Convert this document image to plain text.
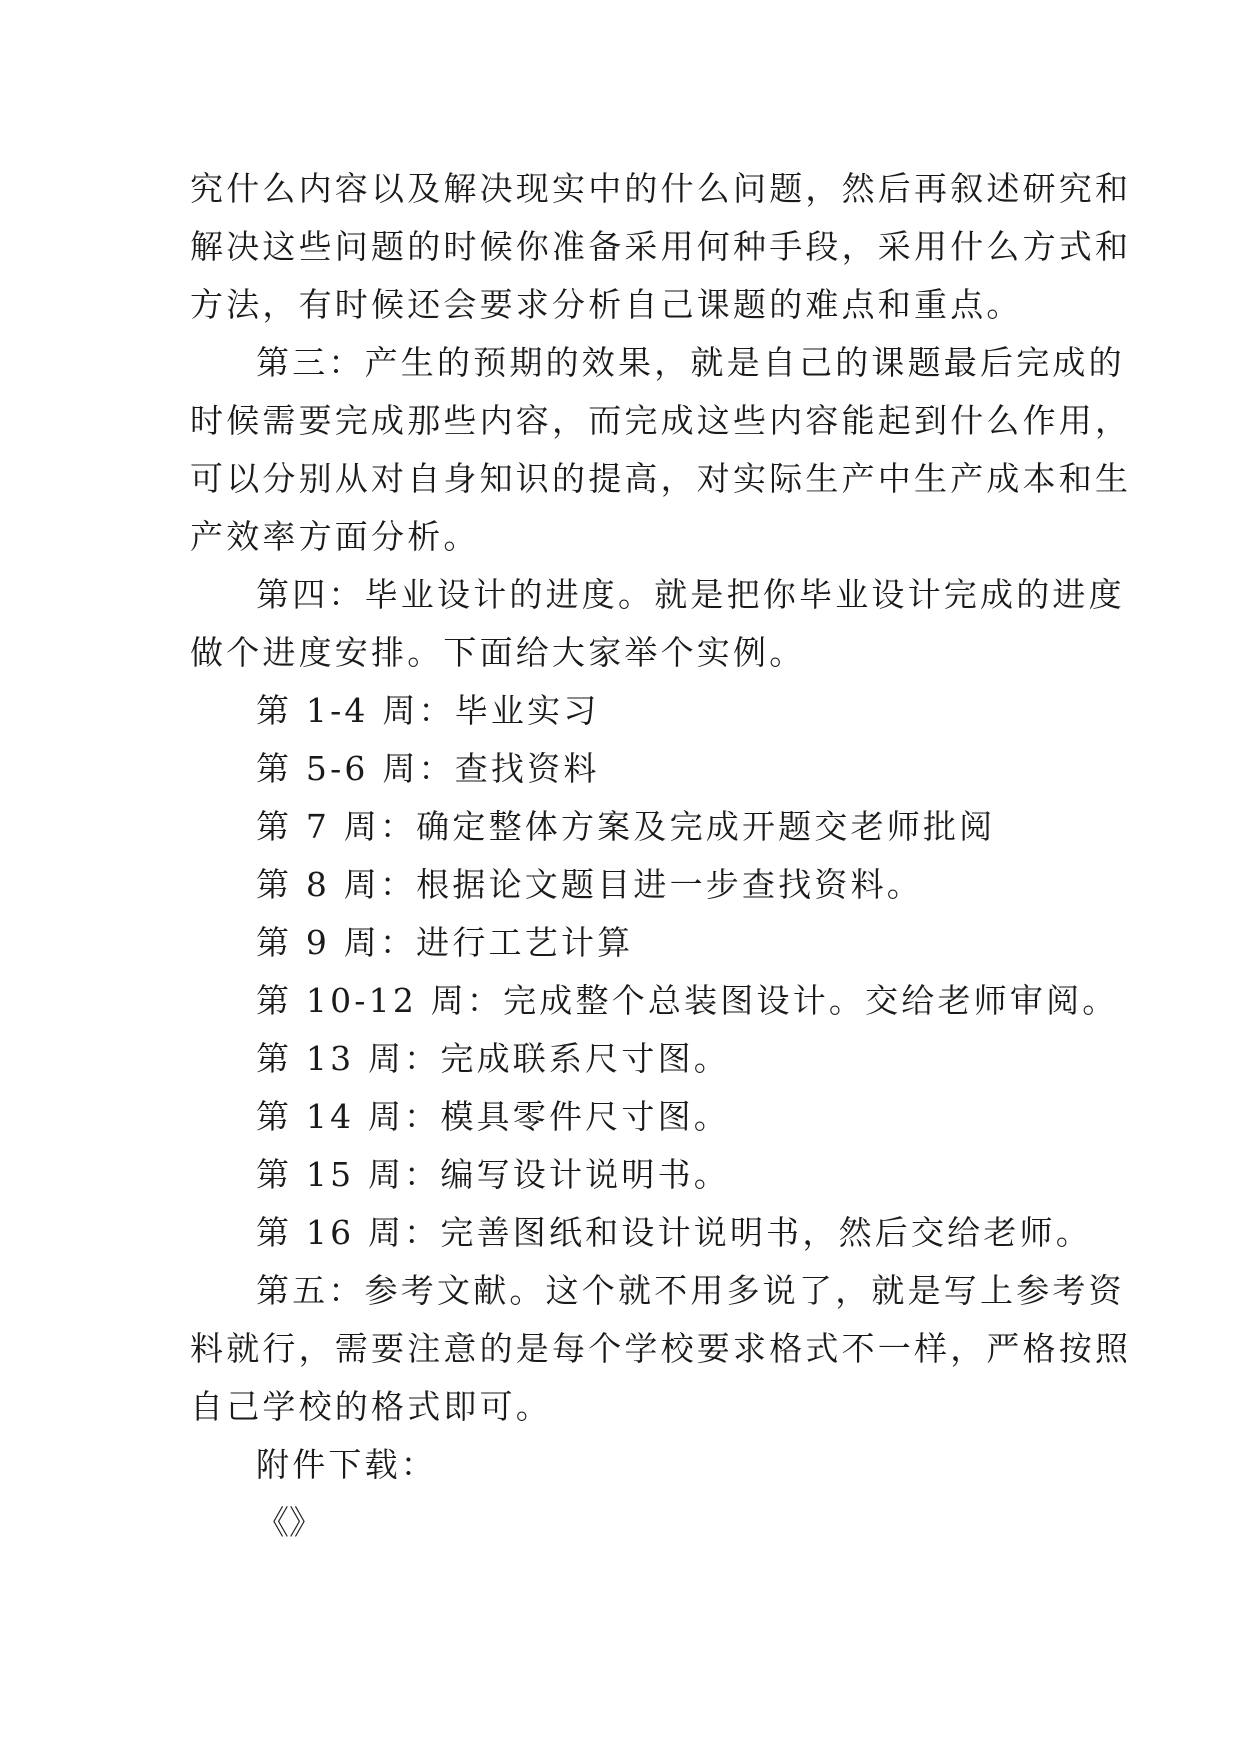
究什么内容以及解决现实中的什么问题，然后再叙述研究和
解决这些问题的时候你准备采用何种手段，采用什么方式和
方法，有时候还会要求分析自己课题的难点和重点。
第三：产生的预期的效果，就是自己的课题最后完成的
时候需要完成那些内容，而完成这些内容能起到什么作用，
可以分别从对自身知识的提高，对实际生产中生产成本和生
产效率方面分析。
第四：毕业设计的进度。就是把你毕业设计完成的进度
做个进度安排。下面给大家举个实例。
第 1-4 周：毕业实习
第 5-6 周：查找资料
第 7 周：确定整体方案及完成开题交老师批阅
第 8 周：根据论文题目进一步查找资料。
第 9 周：进行工艺计算
第 10-12 周：完成整个总装图设计。交给老师审阅。
第 13 周：完成联系尺寸图。
第 14 周：模具零件尺寸图。
第 15 周：编写设计说明书。
第 16 周：完善图纸和设计说明书，然后交给老师。
第五：参考文献。这个就不用多说了，就是写上参考资
料就行，需要注意的是每个学校要求格式不一样，严格按照
自己学校的格式即可。
附件下载：
《》
